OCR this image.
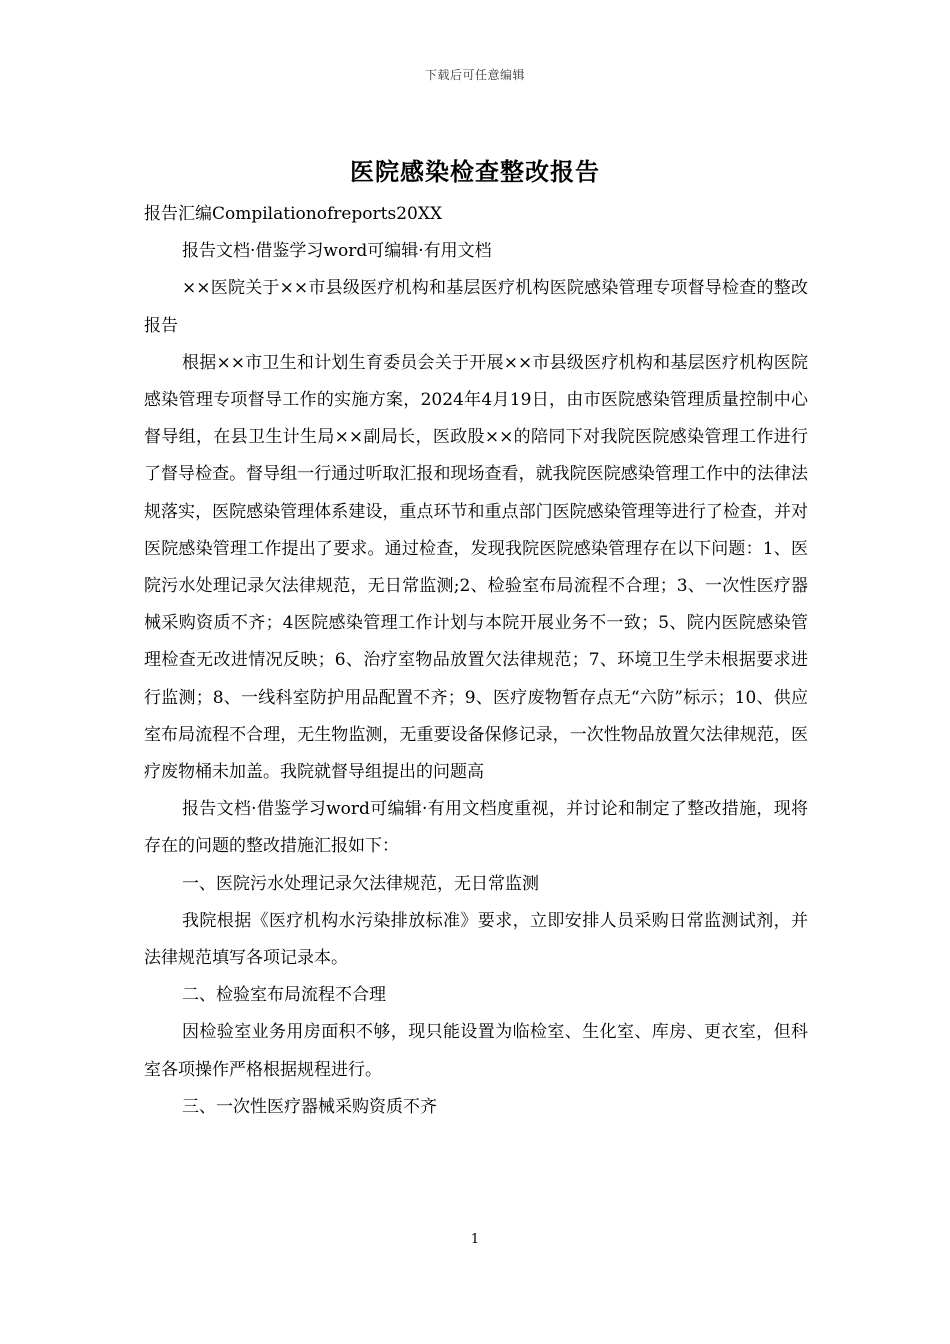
下载后可任意编辑
医院感染检查整改报告

报告汇编Compilationofreports20XX

报告文档·借鉴学习word可编辑·有用文档

××医院关于××市县级医疗机构和基层医疗机构医院感染管理专项督导检查的整改报告

根据××市卫生和计划生育委员会关于开展××市县级医疗机构和基层医疗机构医院感染管理专项督导工作的实施方案，2024年4月19日，由市医院感染管理质量控制中心督导组，在县卫生计生局××副局长，医政股××的陪同下对我院医院感染管理工作进行了督导检查。督导组一行通过听取汇报和现场查看，就我院医院感染管理工作中的法律法规落实，医院感染管理体系建设，重点环节和重点部门医院感染管理等进行了检查，并对医院感染管理工作提出了要求。通过检查，发现我院医院感染管理存在以下问题：1、医院污水处理记录欠法律规范，无日常监测;2、检验室布局流程不合理；3、一次性医疗器械采购资质不齐；4医院感染管理工作计划与本院开展业务不一致；5、院内医院感染管理检查无改进情况反映；6、治疗室物品放置欠法律规范；7、环境卫生学未根据要求进行监测；8、一线科室防护用品配置不齐；9、医疗废物暂存点无“六防”标示；10、供应室布局流程不合理，无生物监测，无重要设备保修记录，一次性物品放置欠法律规范，医疗废物桶未加盖。我院就督导组提出的问题高

报告文档·借鉴学习word可编辑·有用文档度重视，并讨论和制定了整改措施，现将存在的问题的整改措施汇报如下：

一、医院污水处理记录欠法律规范，无日常监测

我院根据《医疗机构水污染排放标准》要求，立即安排人员采购日常监测试剂，并法律规范填写各项记录本。

二、检验室布局流程不合理

因检验室业务用房面积不够，现只能设置为临检室、生化室、库房、更衣室，但科室各项操作严格根据规程进行。

三、一次性医疗器械采购资质不齐

1
